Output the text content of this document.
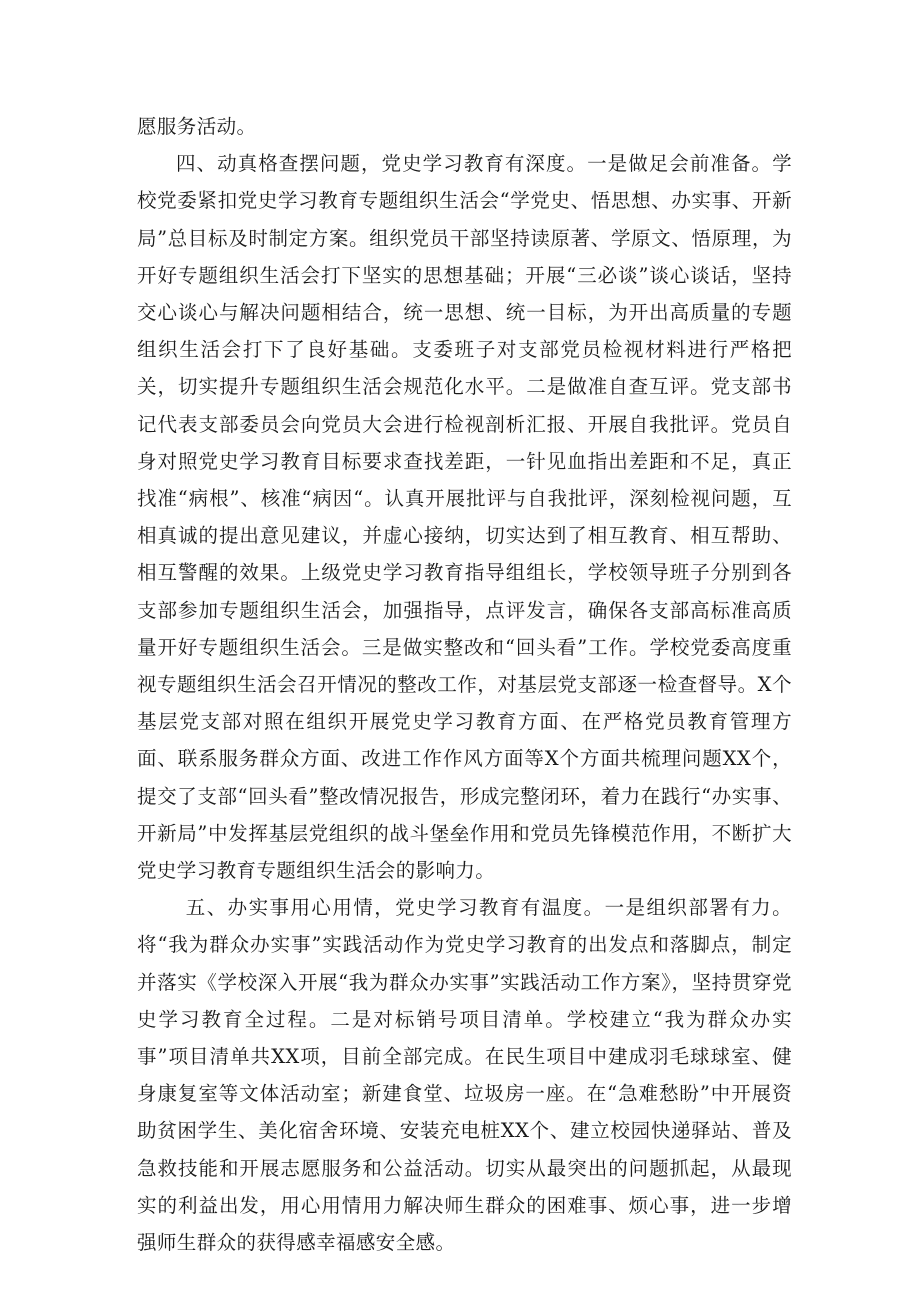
愿服务活动。

四、动真格查摆问题，党史学习教育有深度。一是做足会前准备。学校党委紧扣党史学习教育专题组织生活会“学党史、悟思想、办实事、开新局”总目标及时制定方案。组织党员干部坚持读原著、学原文、悟原理，为开好专题组织生活会打下坚实的思想基础；开展“三必谈”谈心谈话，坚持交心谈心与解决问题相结合，统一思想、统一目标，为开出高质量的专题组织生活会打下了良好基础。支委班子对支部党员检视材料进行严格把关，切实提升专题组织生活会规范化水平。二是做准自查互评。党支部书记代表支部委员会向党员大会进行检视剖析汇报、开展自我批评。党员自身对照党史学习教育目标要求查找差距，一针见血指出差距和不足，真正找准“病根”、核准“病因“。认真开展批评与自我批评，深刻检视问题，互相真诚的提出意见建议，并虚心接纳，切实达到了相互教育、相互帮助、相互警醒的效果。上级党史学习教育指导组组长，学校领导班子分别到各支部参加专题组织生活会，加强指导，点评发言，确保各支部高标准高质量开好专题组织生活会。三是做实整改和“回头看”工作。学校党委高度重视专题组织生活会召开情况的整改工作，对基层党支部逐一检查督导。X个基层党支部对照在组织开展党史学习教育方面、在严格党员教育管理方面、联系服务群众方面、改进工作作风方面等X个方面共梳理问题XX个，提交了支部“回头看”整改情况报告，形成完整闭环，着力在践行“办实事、开新局”中发挥基层党组织的战斗堡垒作用和党员先锋模范作用，不断扩大党史学习教育专题组织生活会的影响力。

五、办实事用心用情，党史学习教育有温度。一是组织部署有力。将“我为群众办实事”实践活动作为党史学习教育的出发点和落脚点，制定并落实《学校深入开展“我为群众办实事”实践活动工作方案》，坚持贯穿党史学习教育全过程。二是对标销号项目清单。学校建立“我为群众办实事”项目清单共XX项，目前全部完成。在民生项目中建成羽毛球球室、健身康复室等文体活动室；新建食堂、垃圾房一座。在“急难愁盼”中开展资助贫困学生、美化宿舍环境、安装充电桩XX个、建立校园快递驿站、普及急救技能和开展志愿服务和公益活动。切实从最突出的问题抓起，从最现实的利益出发，用心用情用力解决师生群众的困难事、烦心事，进一步增强师生群众的获得感幸福感安全感。
